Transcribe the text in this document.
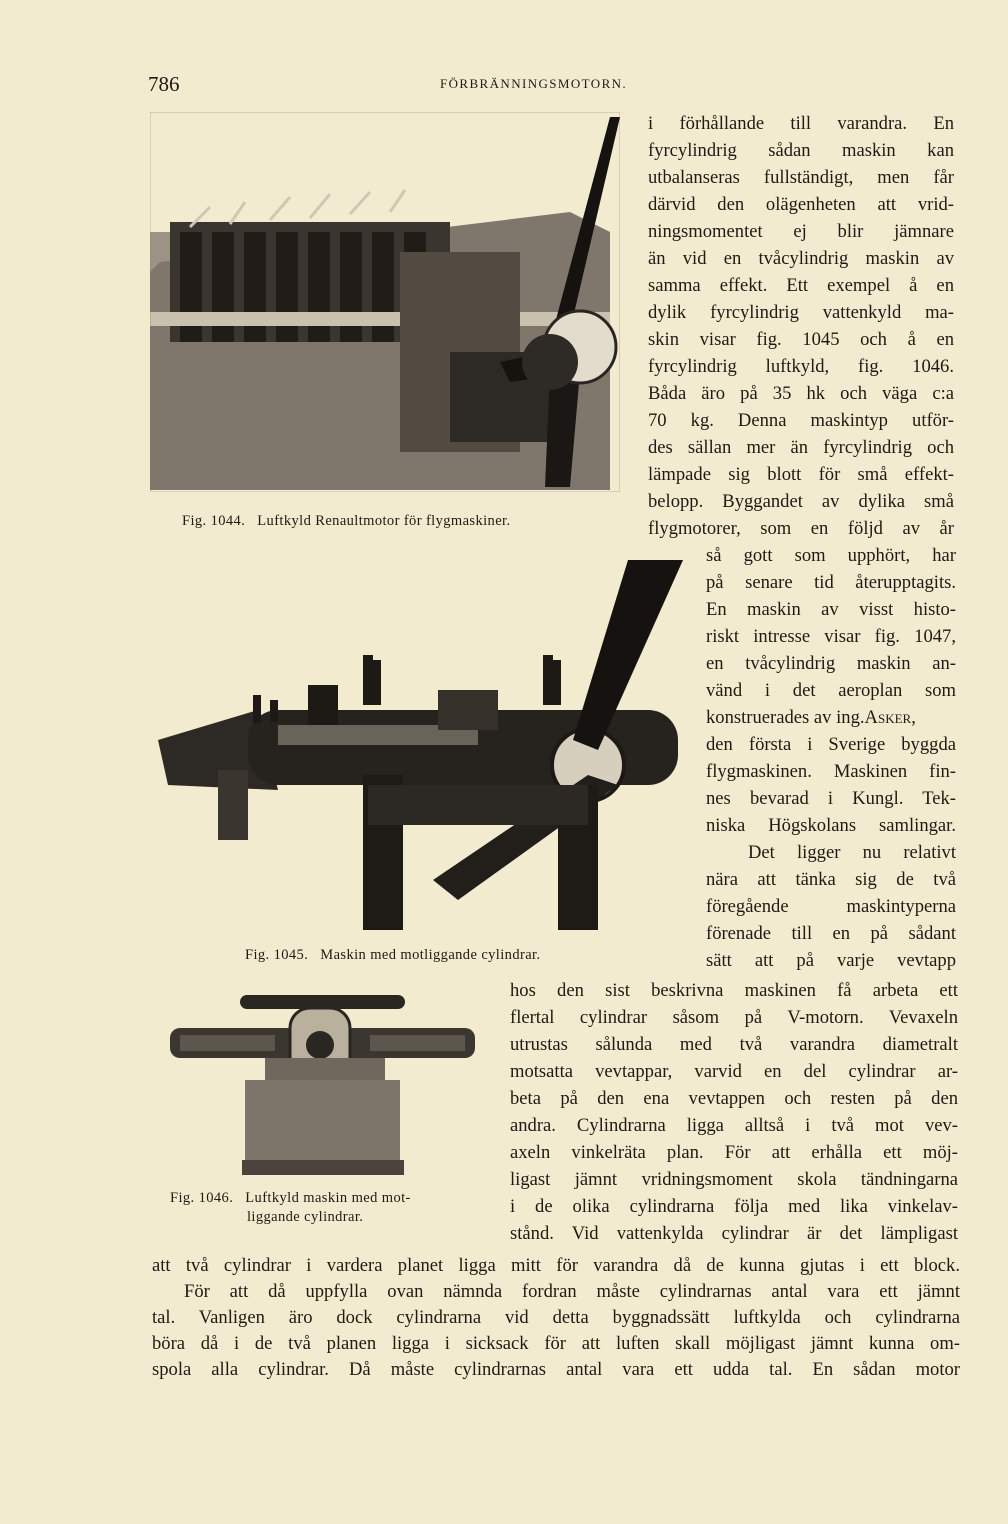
786	FÖRBRÄNNINGSMOTORN.
Fig. 1044. Luftkyld Renaultmotor för flygmaskiner.
Fig. 1045. Maskin med motliggande cylindrar.
Fig. 1046. Luftkyld maskin med mot-
liggande cylindrar.
i förhållande till varandra. En
fyrcylindrig sådan maskin kan
utbalanseras fullständigt, men får
därvid den olägenheten att vrid-
ningsmomentet ej blir jämnare
än vid en tvåcylindrig maskin av
samma effekt. Ett exempel å en
dylik fyrcylindrig vattenkyld ma-
skin visar fig. 1045 och å en
fyrcylindrig luftkyld, fig. 1046.
Båda äro på 35 hk och väga c:a
70 kg. Denna maskintyp utför-
des sällan mer än fyrcylindrig och
lämpade sig blott för små effekt-
belopp. Byggandet av dylika små
flygmotorer, som en följd av år
så gott som upphört, har
på senare tid återupptagits.
En maskin av visst histo-
riskt intresse visar fig. 1047,
en tvåcylindrig maskin an-
vänd i det aeroplan som
konstruerades av ing.Asker,
den första i Sverige byggda
flygmaskinen. Maskinen fin-
nes bevarad i Kungl. Tek-
niska Högskolans samlingar.
Det ligger nu relativt
nära att tänka sig de två
föregående maskintyperna
förenade till en på sådant
sätt att på varje vevtapp
hos den sist beskrivna maskinen få arbeta ett
flertal cylindrar såsom på V-motorn. Vevaxeln
utrustas sålunda med två varandra diametralt
motsatta vevtappar, varvid en del cylindrar ar-
beta på den ena vevtappen och resten på den
andra. Cylindrarna ligga alltså i två mot vev-
axeln vinkelräta plan. För att erhålla ett möj-
ligast jämnt vridningsmoment skola tändningarna
i de olika cylindrarna följa med lika vinkelav-
stånd. Vid vattenkylda cylindrar är det lämpligast
att två cylindrar i vardera planet ligga mitt för varandra då de kunna gjutas i ett block.
För att då uppfylla ovan nämnda fordran måste cylindrarnas antal vara ett jämnt
tal. Vanligen äro dock cylindrarna vid detta byggnadssätt luftkylda och cylindrarna
böra då i de två planen ligga i sicksack för att luften skall möjligast jämnt kunna om-
spola alla cylindrar. Då måste cylindrarnas antal vara ett udda tal. En sådan motor
